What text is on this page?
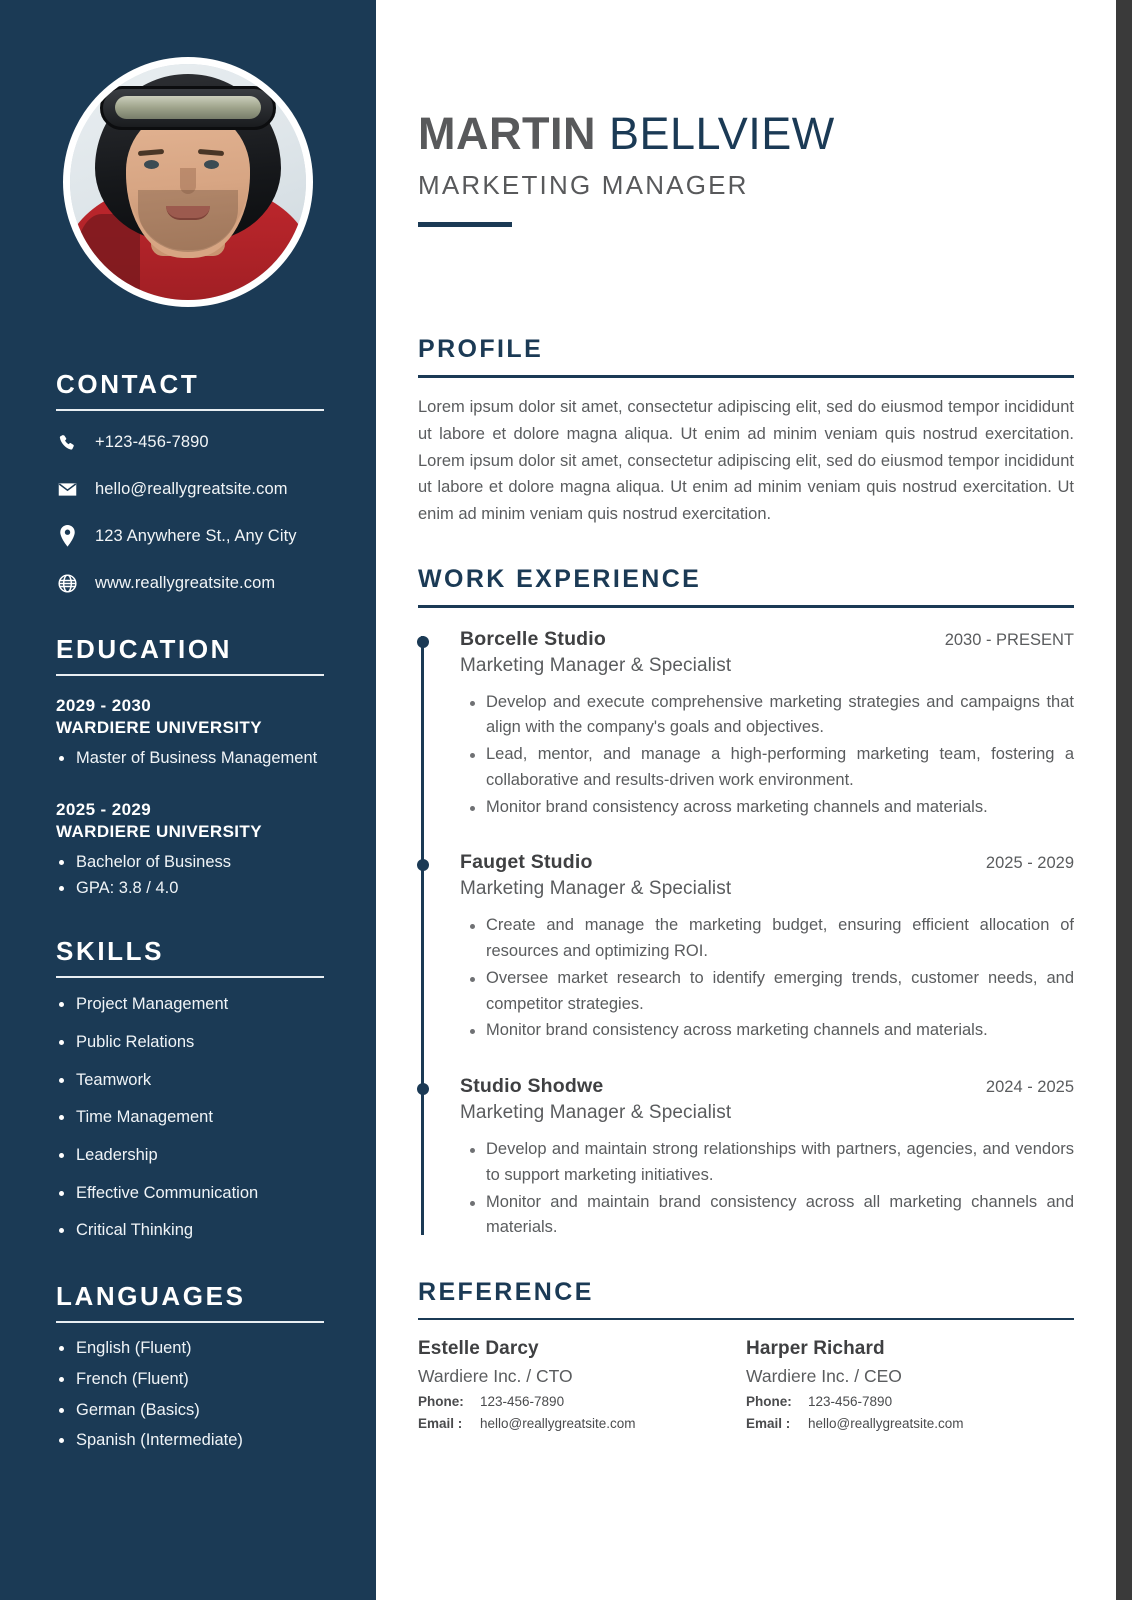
CONTACT
+123-456-7890
hello@reallygreatsite.com
123 Anywhere St., Any City
www.reallygreatsite.com
EDUCATION
2029 - 2030
WARDIERE UNIVERSITY
Master of Business Management
2025 - 2029
WARDIERE UNIVERSITY
Bachelor of Business
GPA: 3.8 / 4.0
SKILLS
Project Management
Public Relations
Teamwork
Time Management
Leadership
Effective Communication
Critical Thinking
LANGUAGES
English (Fluent)
French (Fluent)
German (Basics)
Spanish (Intermediate)
MARTIN BELLVIEW
MARKETING MANAGER
PROFILE

Lorem ipsum dolor sit amet, consectetur adipiscing elit, sed do eiusmod tempor incididunt ut labore et dolore magna aliqua. Ut enim ad minim veniam quis nostrud exercitation. Lorem ipsum dolor sit amet, consectetur adipiscing elit, sed do eiusmod tempor incididunt ut labore et dolore magna aliqua. Ut enim ad minim veniam quis nostrud exercitation. Ut enim ad minim veniam quis nostrud exercitation.

WORK EXPERIENCE
Borcelle Studio	2030 - PRESENT
Marketing Manager & Specialist
Develop and execute comprehensive marketing strategies and campaigns that align with the company's goals and objectives.
Lead, mentor, and manage a high-performing marketing team, fostering a collaborative and results-driven work environment.
Monitor brand consistency across marketing channels and materials.
Fauget Studio	2025 - 2029
Marketing Manager & Specialist
Create and manage the marketing budget, ensuring efficient allocation of resources and optimizing ROI.
Oversee market research to identify emerging trends, customer needs, and competitor strategies.
Monitor brand consistency across marketing channels and materials.
Studio Shodwe	2024 - 2025
Marketing Manager & Specialist
Develop and maintain strong relationships with partners, agencies, and vendors to support marketing initiatives.
Monitor and maintain brand consistency across all marketing channels and materials.
REFERENCE
Estelle Darcy
Wardiere Inc. / CTO
Phone:	123-456-7890
Email :	hello@reallygreatsite.com
Harper Richard
Wardiere Inc. / CEO
Phone:	123-456-7890
Email :	hello@reallygreatsite.com
